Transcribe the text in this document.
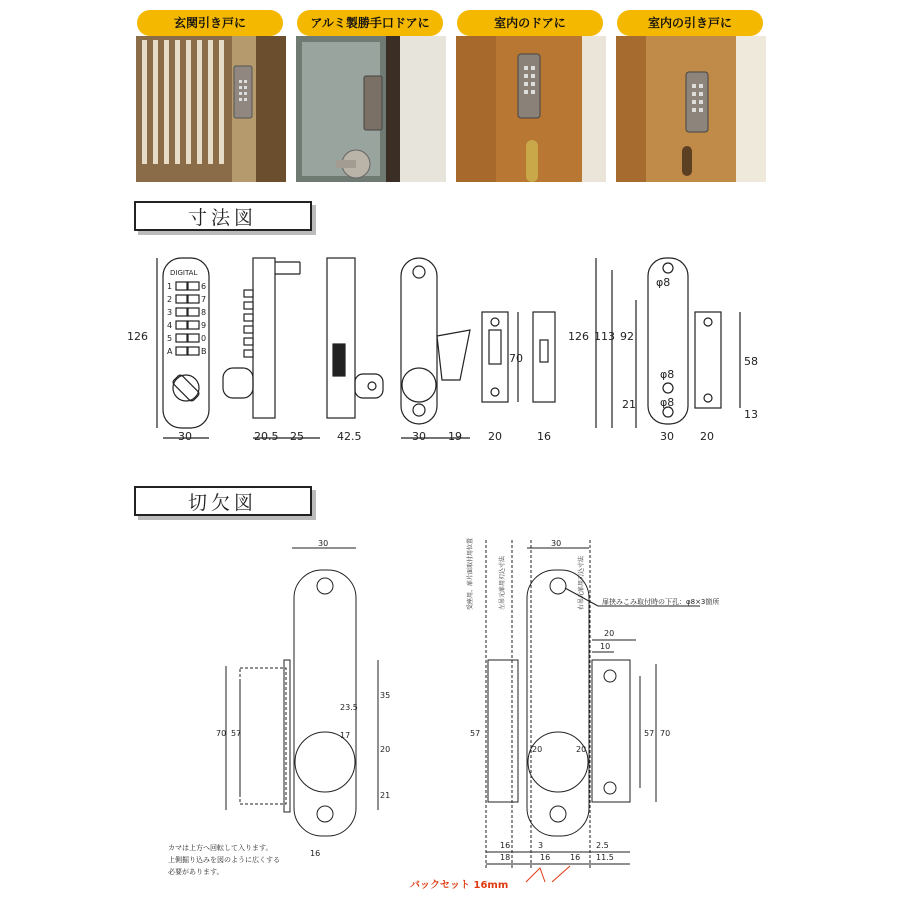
玄関引き戸に	アルミ製勝手口ドアに	室内のドアに	室内の引き戸に
寸法図
切欠図
DIGITAL
1
2
3
4
5
A
6
7
8
9
0
B
126
30	20.5 25	42.5	30 19
70
20	16
126 113 92
21
φ8
φ8
φ8
58
13
30 20
30
70 57
35
23.5
17
20
21
16
30
受座用、扉片面取付用位置	左吊元扉用刃込寸法	右吊元扉用刃込寸法 扉挟みこみ取付時の下孔：φ8×3箇所
20
10
57	57 70
20	20
16	3	2.5
18	16 16 11.5
カマは上方へ回転して入ります。
上側掘り込みを図のように広くする
必要があります。
バックセット 16mm
